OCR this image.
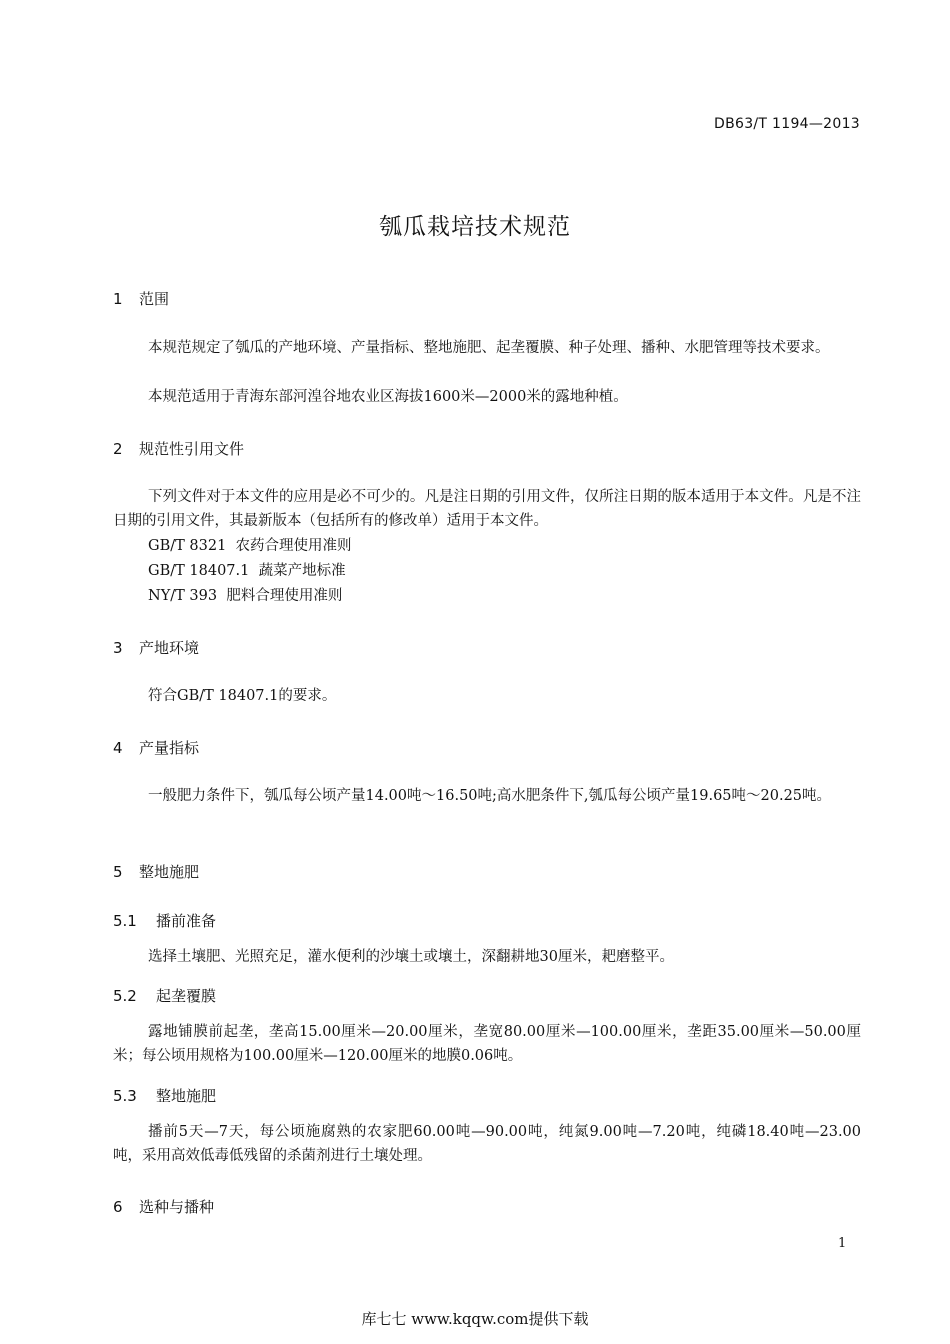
DB63/T 1194—2013
瓠瓜栽培技术规范
1 范围
本规范规定了瓠瓜的产地环境、产量指标、整地施肥、起垄覆膜、种子处理、播种、水肥管理等技术要求。
本规范适用于青海东部河湟谷地农业区海拔1600米—2000米的露地种植。
2 规范性引用文件
下列文件对于本文件的应用是必不可少的。凡是注日期的引用文件，仅所注日期的版本适用于本文件。凡是不注日期的引用文件，其最新版本（包括所有的修改单）适用于本文件。
GB/T 8321  农药合理使用准则
GB/T 18407.1  蔬菜产地标准
NY/T 393  肥料合理使用准则
3 产地环境
符合GB/T 18407.1的要求。
4 产量指标
一般肥力条件下，瓠瓜每公顷产量14.00吨～16.50吨;高水肥条件下,瓠瓜每公顷产量19.65吨～20.25吨。
5 整地施肥
5.1 播前准备
选择土壤肥、光照充足，灌水便利的沙壤土或壤土，深翻耕地30厘米，耙磨整平。
5.2 起垄覆膜
露地铺膜前起垄，垄高15.00厘米—20.00厘米，垄宽80.00厘米—100.00厘米，垄距35.00厘米—50.00厘米；每公顷用规格为100.00厘米—120.00厘米的地膜0.06吨。
5.3 整地施肥
播前5天—7天，每公顷施腐熟的农家肥60.00吨—90.00吨，纯氮9.00吨—7.20吨，纯磷18.40吨—23.00吨，采用高效低毒低残留的杀菌剂进行土壤处理。
6 选种与播种
1
库七七 www.kqqw.com提供下载
